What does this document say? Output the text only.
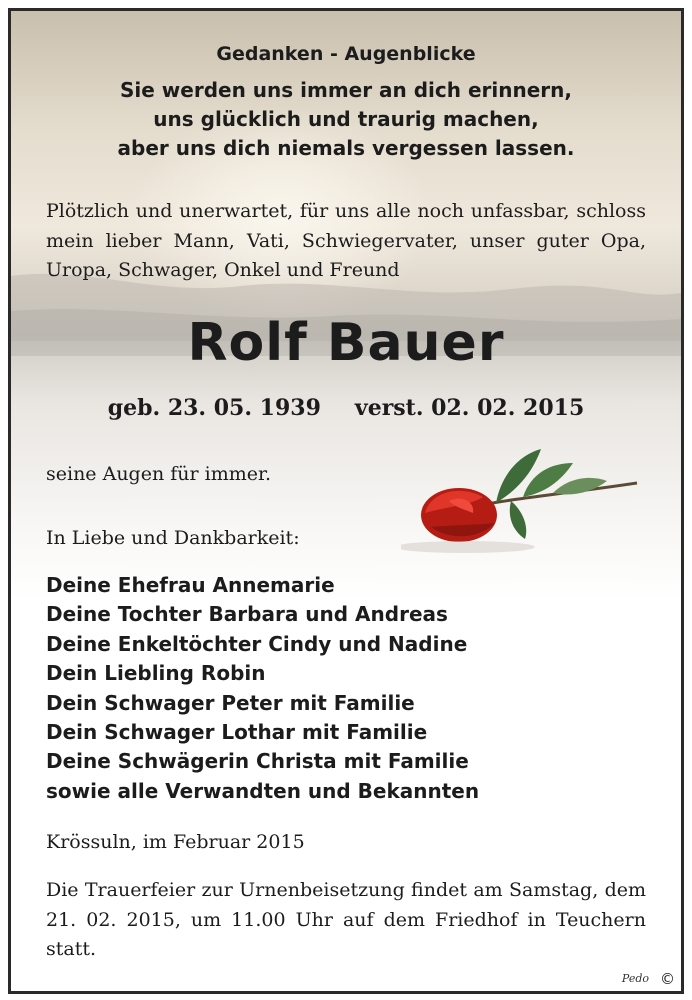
Gedanken - Augenblicke
Sie werden uns immer an dich erinnern,
uns glücklich und traurig machen,
aber uns dich niemals vergessen lassen.
Plötzlich und unerwartet, für uns alle noch unfassbar, schloss mein lieber Mann, Vati, Schwiegervater, unser guter Opa, Uropa, Schwager, Onkel und Freund
Rolf Bauer
geb. 23. 05. 1939 verst. 02. 02. 2015
seine Augen für immer.
In Liebe und Dankbarkeit:
Deine Ehefrau Annemarie
Deine Tochter Barbara und Andreas
Deine Enkeltöchter Cindy und Nadine
Dein Liebling Robin
Dein Schwager Peter mit Familie
Dein Schwager Lothar mit Familie
Deine Schwägerin Christa mit Familie
sowie alle Verwandten und Bekannten
Krössuln, im Februar 2015
Die Trauerfeier zur Urnenbeisetzung findet am Samstag, dem 21. 02. 2015, um 11.00 Uhr auf dem Friedhof in Teuchern statt.
Pedo ©
